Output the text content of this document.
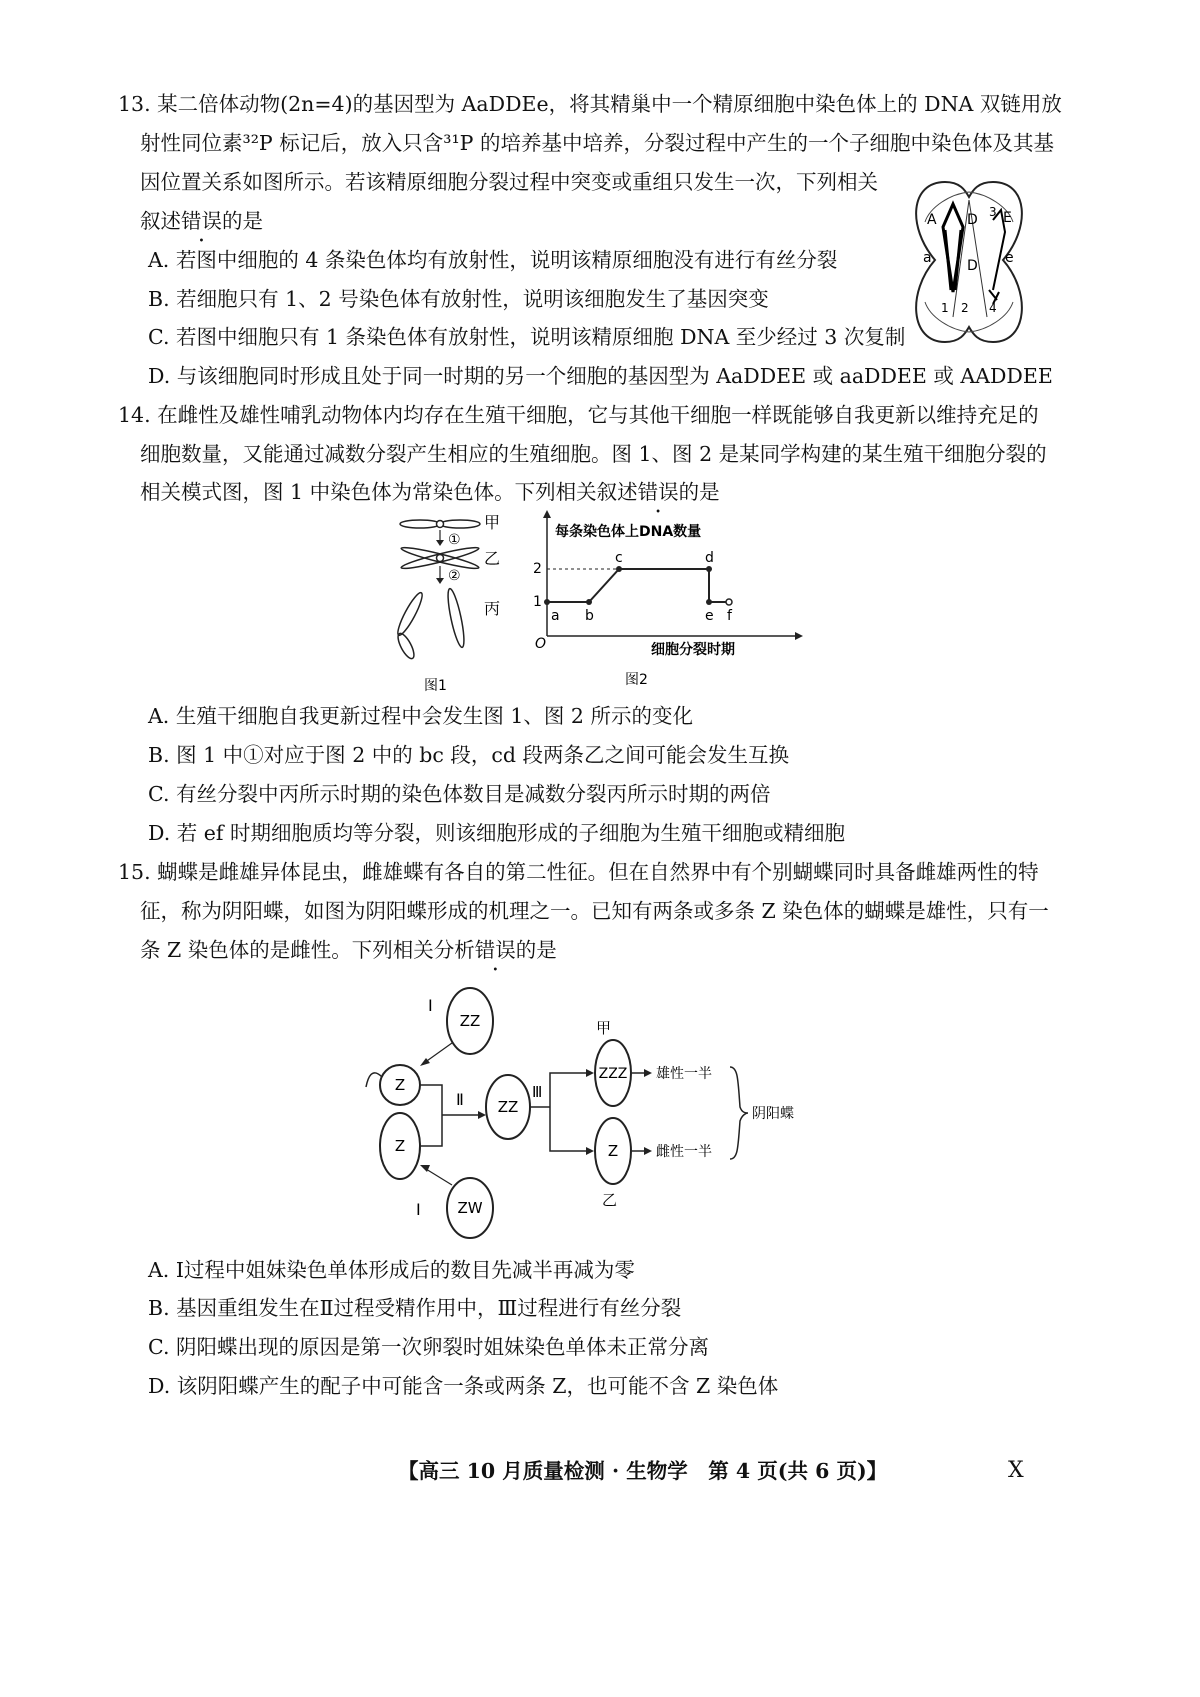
13. 某二倍体动物(2n=4)的基因型为 AaDDEe，将其精巢中一个精原细胞中染色体上的 DNA 双链用放
射性同位素³²P 标记后，放入只含³¹P 的培养基中培养，分裂过程中产生的一个子细胞中染色体及其基
因位置关系如图所示。若该精原细胞分裂过程中突变或重组只发生一次，下列相关
叙述错误的是
A. 若图中细胞的 4 条染色体均有放射性，说明该精原细胞没有进行有丝分裂
B. 若细胞只有 1、2 号染色体有放射性，说明该细胞发生了基因突变
C. 若图中细胞只有 1 条染色体有放射性，说明该精原细胞 DNA 至少经过 3 次复制
D. 与该细胞同时形成且处于同一时期的另一个细胞的基因型为 AaDDEE 或 aaDDEE 或 AADDEE
A
a
D
D
E
e
3
4
1 2
14. 在雌性及雄性哺乳动物体内均存在生殖干细胞，它与其他干细胞一样既能够自我更新以维持充足的
细胞数量，又能通过减数分裂产生相应的生殖细胞。图 1、图 2 是某同学构建的某生殖干细胞分裂的
相关模式图，图 1 中染色体为常染色体。下列相关叙述错误的是
①
②
甲
乙
丙
图1
2
1
a b
c	d
e f
每条染色体上DNA数量
O	细胞分裂时期
图2
A. 生殖干细胞自我更新过程中会发生图 1、图 2 所示的变化
B. 图 1 中①对应于图 2 中的 bc 段，cd 段两条乙之间可能会发生互换
C. 有丝分裂中丙所示时期的染色体数目是减数分裂丙所示时期的两倍
D. 若 ef 时期细胞质均等分裂，则该细胞形成的子细胞为生殖干细胞或精细胞
15. 蝴蝶是雌雄异体昆虫，雌雄蝶有各自的第二性征。但在自然界中有个别蝴蝶同时具备雌雄两性的特
征，称为阴阳蝶，如图为阴阳蝶形成的机理之一。已知有两条或多条 Z 染色体的蝴蝶是雄性，只有一
条 Z 染色体的是雌性。下列相关分析错误的是
ZZ
Ⅰ
Z
Z
ZW
Ⅰ
Ⅱ ZZ
Ⅲ
ZZZ
甲
Z
乙
雄性一半
雌性一半
阴阳蝶
A. Ⅰ过程中姐妹染色单体形成后的数目先减半再减为零
B. 基因重组发生在Ⅱ过程受精作用中，Ⅲ过程进行有丝分裂
C. 阴阳蝶出现的原因是第一次卵裂时姐妹染色单体未正常分离
D. 该阴阳蝶产生的配子中可能含一条或两条 Z，也可能不含 Z 染色体
【高三 10 月质量检测 · 生物学　第 4 页(共 6 页)】	X
